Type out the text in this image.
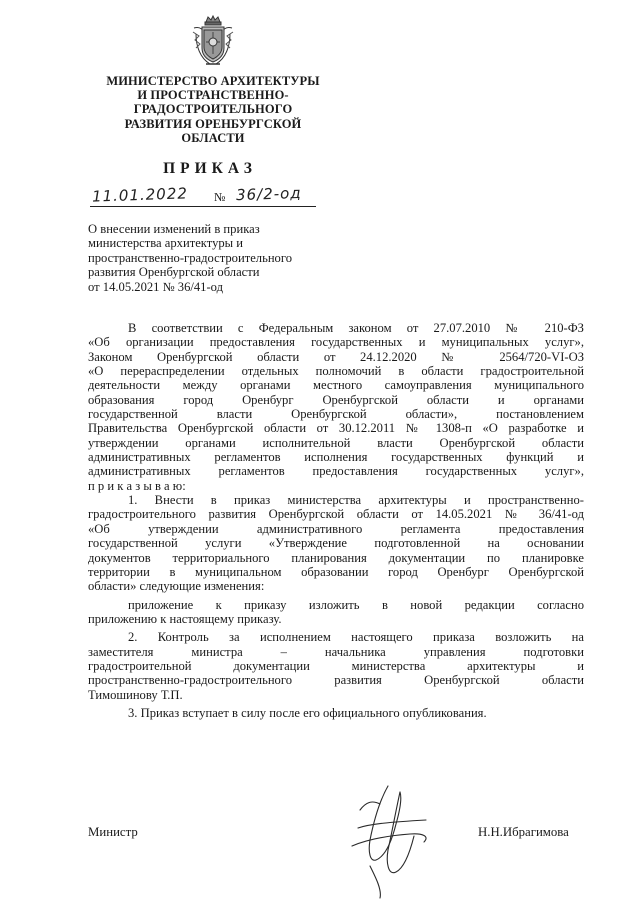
МИНИСТЕРСТВО АРХИТЕКТУРЫ
И ПРОСТРАНСТВЕННО-
ГРАДОСТРОИТЕЛЬНОГО
РАЗВИТИЯ ОРЕНБУРГСКОЙ
ОБЛАСТИ
ПРИКАЗ
11.01.2022 № 36/2-од
О внесении изменений в приказ
министерства архитектуры и
пространственно-градостроительного
развития Оренбургской области
от 14.05.2021 № 36/41-од
В соответствии с Федеральным законом от 27.07.2010 № 210-ФЗ
«Об организации предоставления государственных и муниципальных услуг»,
Законом Оренбургской области от 24.12.2020 № 2564/720-VI-ОЗ
«О перераспределении отдельных полномочий в области градостроительной
деятельности между органами местного самоуправления муниципального
образования город Оренбург Оренбургской области и органами
государственной власти Оренбургской области», постановлением
Правительства Оренбургской области от 30.12.2011 № 1308-п «О разработке и
утверждении органами исполнительной власти Оренбургской области
административных регламентов исполнения государственных функций и
административных регламентов предоставления государственных услуг»,
п р и к а з ы в а ю:
1. Внести в приказ министерства архитектуры и пространственно-
градостроительного развития Оренбургской области от 14.05.2021 № 36/41-од
«Об утверждении административного регламента предоставления
государственной услуги «Утверждение подготовленной на основании
документов территориального планирования документации по планировке
территории в муниципальном образовании город Оренбург Оренбургской
области» следующие изменения:
приложение к приказу изложить в новой редакции согласно
приложению к настоящему приказу.
2. Контроль за исполнением настоящего приказа возложить на
заместителя министра – начальника управления подготовки
градостроительной документации министерства архитектуры и
пространственно-градостроительного развития Оренбургской области
Тимошинову Т.П.
3. Приказ вступает в силу после его официального опубликования.
Министр	Н.Н.Ибрагимова
